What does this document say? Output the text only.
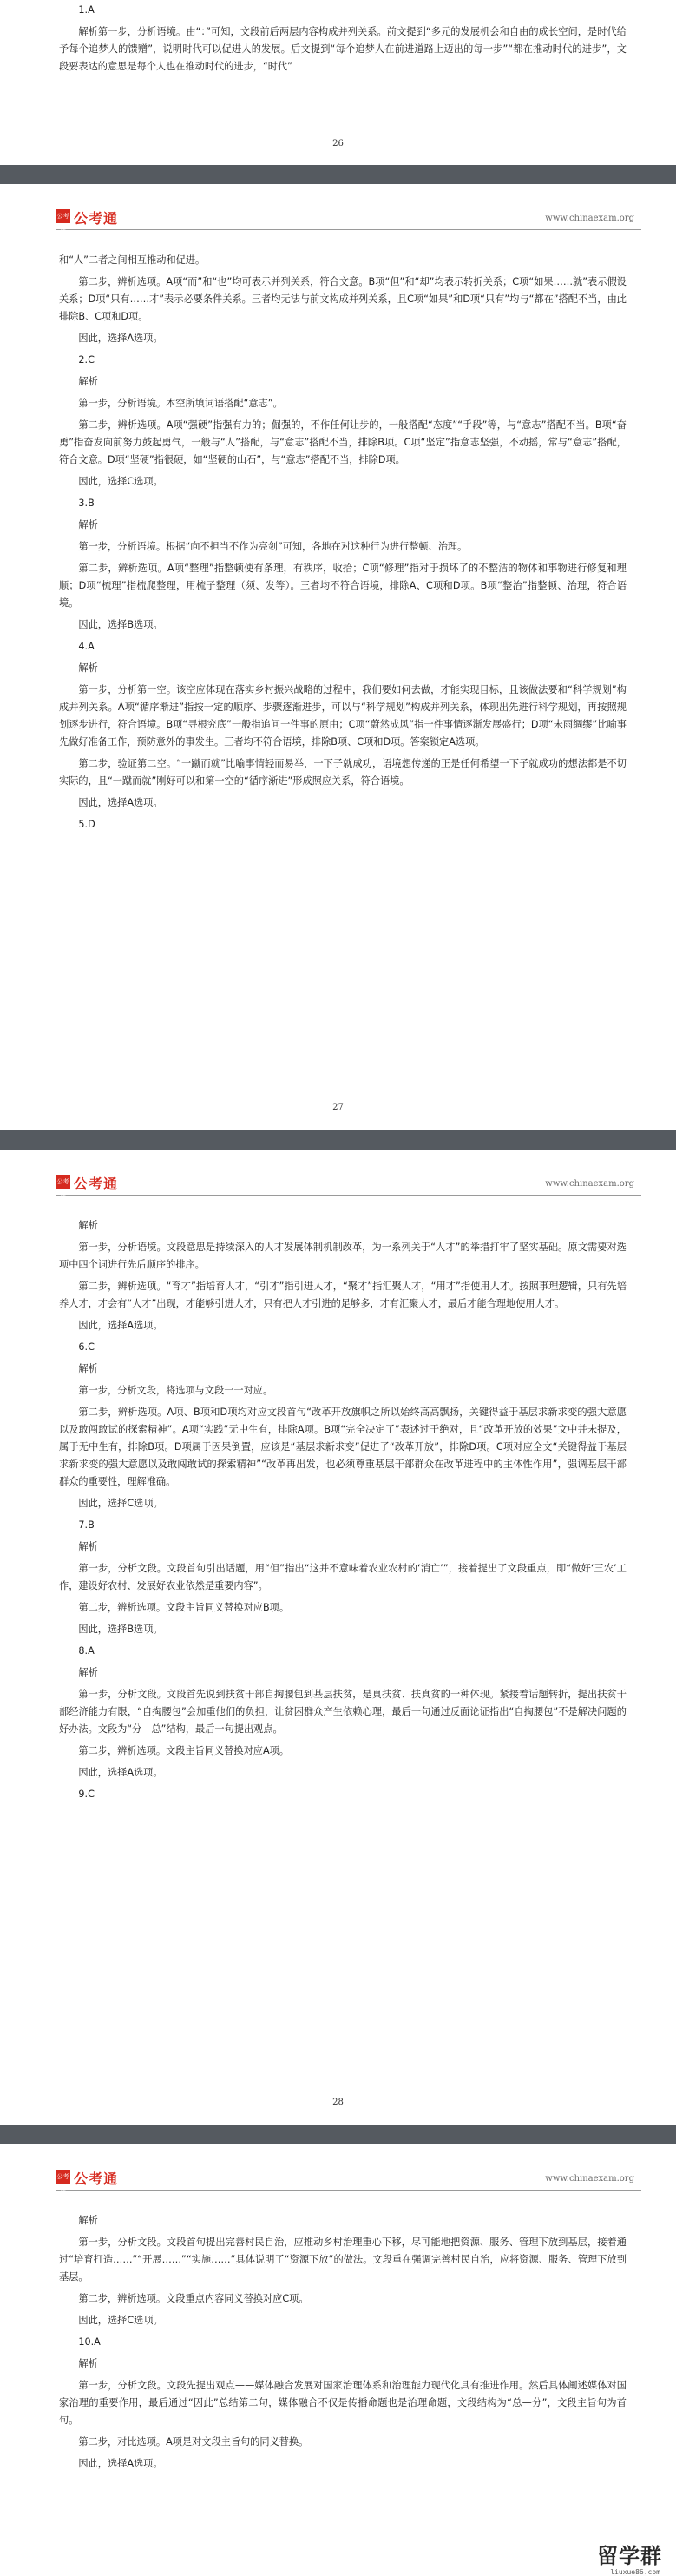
1.A

解析第一步，分析语境。由“：”可知，文段前后两层内容构成并列关系。前文提到“多元的发展机会和自由的成长空间，是时代给予每个追梦人的馈赠”，说明时代可以促进人的发展。后文提到“每个追梦人在前进道路上迈出的每一步”“都在推动时代的进步”，文段要表达的意思是每个人也在推动时代的进步，“时代”

26
公考通
公考通	www.chinaexam.org

和“人”二者之间相互推动和促进。

第二步，辨析选项。A项“而”和“也”均可表示并列关系，符合文意。B项“但”和“却”均表示转折关系；C项“如果……就”表示假设关系；D项“只有……才”表示必要条件关系。三者均无法与前文构成并列关系，且C项“如果”和D项“只有”均与“都在”搭配不当，由此排除B、C项和D项。

因此，选择A选项。

2.C

解析

第一步，分析语境。本空所填词语搭配“意志”。

第二步，辨析选项。A项“强硬”指强有力的；倔强的，不作任何让步的，一般搭配“态度”“手段”等，与“意志”搭配不当。B项“奋勇”指奋发向前努力鼓起勇气，一般与“人”搭配，与“意志”搭配不当，排除B项。C项“坚定”指意志坚强，不动摇，常与“意志”搭配，符合文意。D项“坚硬”指很硬，如“坚硬的山石”，与“意志”搭配不当，排除D项。

因此，选择C选项。

3.B

解析

第一步，分析语境。根据“向不担当不作为亮剑”可知，各地在对这种行为进行整顿、治理。

第二步，辨析选项。A项“整理”指整顿使有条理，有秩序，收拾；C项“修理”指对于损坏了的不整洁的物体和事物进行修复和理顺；D项“梳理”指梳爬整理，用梳子整理（须、发等）。三者均不符合语境，排除A、C项和D项。B项“整治”指整顿、治理，符合语境。

因此，选择B选项。

4.A

解析

第一步，分析第一空。该空应体现在落实乡村振兴战略的过程中，我们要如何去做，才能实现目标，且该做法要和“科学规划”构成并列关系。A项“循序渐进”指按一定的顺序、步骤逐渐进步，可以与“科学规划”构成并列关系，体现出先进行科学规划，再按照规划逐步进行，符合语境。B项“寻根究底”一般指追问一件事的原由；C项“蔚然成风”指一件事情逐渐发展盛行；D项“未雨绸缪”比喻事先做好准备工作，预防意外的事发生。三者均不符合语境，排除B项、C项和D项。答案锁定A选项。

第二步，验证第二空。“一蹴而就”比喻事情轻而易举，一下子就成功，语境想传递的正是任何希望一下子就成功的想法都是不切实际的，且“一蹴而就”刚好可以和第一空的“循序渐进”形成照应关系，符合语境。

因此，选择A选项。

5.D

27
公考通
公考通	www.chinaexam.org

解析

第一步，分析语境。文段意思是持续深入的人才发展体制机制改革，为一系列关于“人才”的举措打牢了坚实基础。原文需要对选项中四个词进行先后顺序的排序。

第二步，辨析选项。“育才”指培育人才，“引才”指引进人才，“聚才”指汇聚人才，“用才”指使用人才。按照事理逻辑，只有先培养人才，才会有“人才”出现，才能够引进人才，只有把人才引进的足够多，才有汇聚人才，最后才能合理地使用人才。

因此，选择A选项。

6.C

解析

第一步，分析文段，将选项与文段一一对应。

第二步，辨析选项。A项、B项和D项均对应文段首句“改革开放旗帜之所以始终高高飘扬，关键得益于基层求新求变的强大意愿以及敢闯敢试的探索精神”。A项“实践”无中生有，排除A项。B项“完全决定了”表述过于绝对，且“改革开放的效果”文中并未提及，属于无中生有，排除B项。D项属于因果倒置，应该是“基层求新求变”促进了“改革开放”，排除D项。C项对应全文“关键得益于基层求新求变的强大意愿以及敢闯敢试的探索精神”“改革再出发，也必须尊重基层干部群众在改革进程中的主体性作用”，强调基层干部群众的重要性，理解准确。

因此，选择C选项。

7.B

解析

第一步，分析文段。文段首句引出话题，用“但”指出“这并不意味着农业农村的‘消亡’”，接着提出了文段重点，即“做好‘三农’工作，建设好农村、发展好农业依然是重要内容”。

第二步，辨析选项。文段主旨同义替换对应B项。

因此，选择B选项。

8.A

解析

第一步，分析文段。文段首先说到扶贫干部自掏腰包到基层扶贫，是真扶贫、扶真贫的一种体现。紧接着话题转折，提出扶贫干部经济能力有限，“自掏腰包”会加重他们的负担，让贫困群众产生依赖心理，最后一句通过反面论证指出“自掏腰包”不是解决问题的好办法。文段为“分—总”结构，最后一句提出观点。

第二步，辨析选项。文段主旨同义替换对应A项。

因此，选择A选项。

9.C

28
公考通
公考通	www.chinaexam.org

解析

第一步，分析文段。文段首句提出完善村民自治，应推动乡村治理重心下移，尽可能地把资源、服务、管理下放到基层，接着通过“培育打造……”“开展……”“实施……”具体说明了“资源下放”的做法。文段重在强调完善村民自治，应将资源、服务、管理下放到基层。

第二步，辨析选项。文段重点内容同义替换对应C项。

因此，选择C选项。

10.A

解析

第一步，分析文段。文段先提出观点——媒体融合发展对国家治理体系和治理能力现代化具有推进作用。然后具体阐述媒体对国家治理的重要作用，最后通过“因此”总结第二句，媒体融合不仅是传播命题也是治理命题，文段结构为“总—分”，文段主旨句为首句。

第二步，对比选项。A项是对文段主旨句的同义替换。

因此，选择A选项。

留学群
liuxue86.com
